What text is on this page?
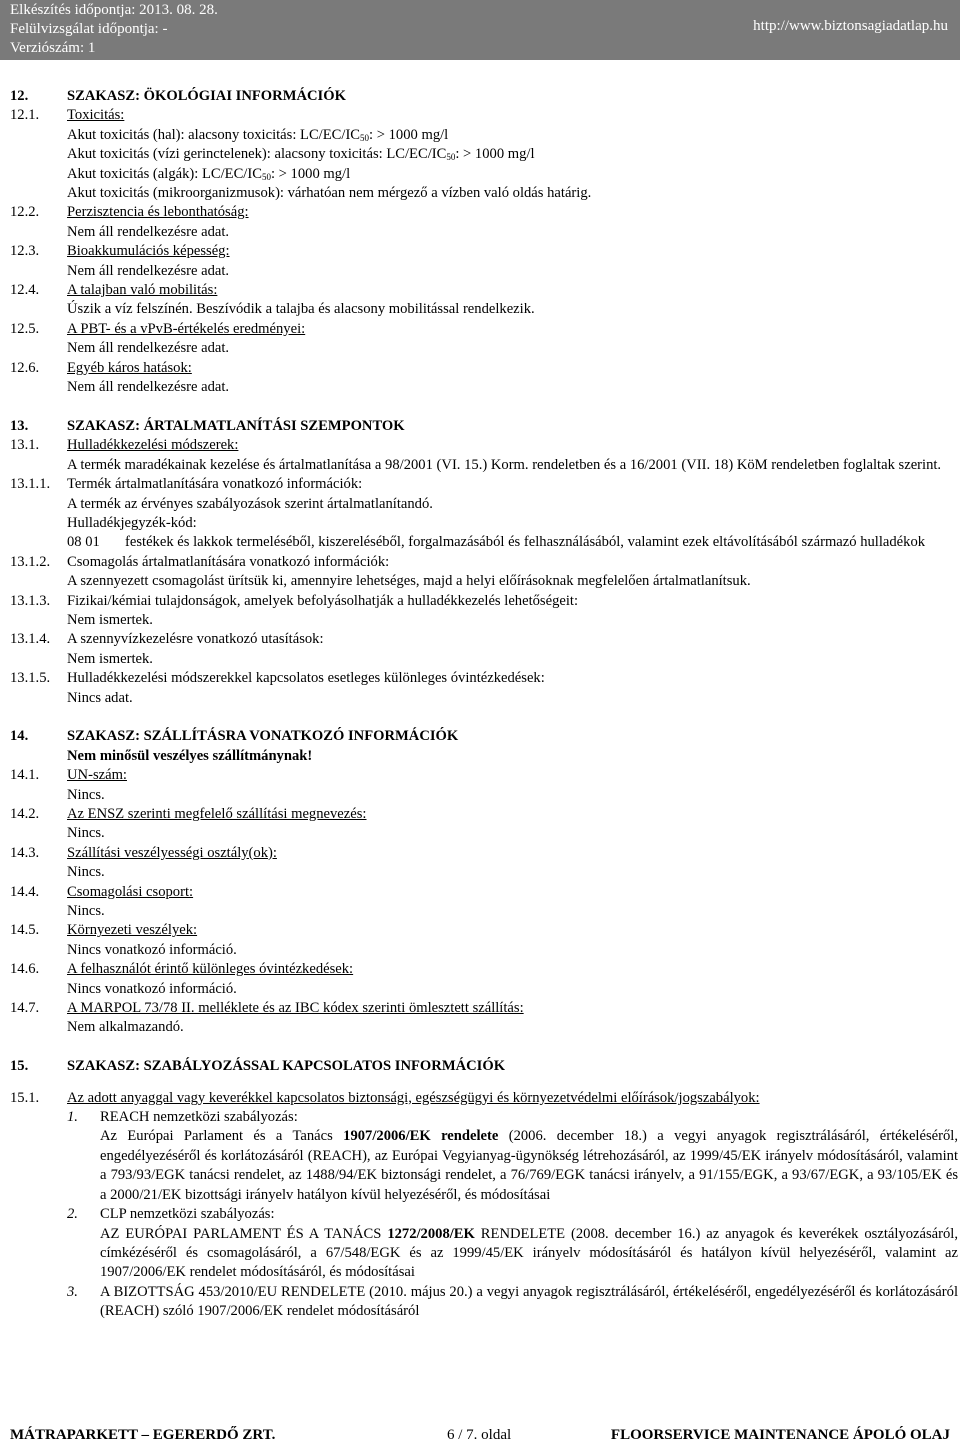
Elkészítés időpontja: 2013. 08. 28.
Felülvizsgálat időpontja: -
Verziószám: 1
http://www.biztonsagiadatlap.hu
12.	SZAKASZ: ÖKOLÓGIAI INFORMÁCIÓK
12.1.	Toxicitás:
Akut toxicitás (hal): alacsony toxicitás: $LC/EC/IC_{50}$: > 1000 mg/l
Akut toxicitás (vízi gerinctelenek): alacsony toxicitás: $LC/EC/IC_{50}$: > 1000 mg/l
Akut toxicitás (algák): $LC/EC/IC_{50}$: > 1000 mg/l
Akut toxicitás (mikroorganizmusok): várhatóan nem mérgező a vízben való oldás határig.
12.2.	Perzisztencia és lebonthatóság:
Nem áll rendelkezésre adat.
12.3.	Bioakkumulációs képesség:
Nem áll rendelkezésre adat.
12.4.	A talajban való mobilitás:
Úszik a víz felszínén. Beszívódik a talajba és alacsony mobilitással rendelkezik.
12.5.	A PBT- és a vPvB-értékelés eredményei:
Nem áll rendelkezésre adat.
12.6.	Egyéb káros hatások:
Nem áll rendelkezésre adat.
13.	SZAKASZ: ÁRTALMATLANÍTÁSI SZEMPONTOK
13.1.	Hulladékkezelési módszerek:
A termék maradékainak kezelése és ártalmatlanítása a 98/2001 (VI. 15.) Korm. rendeletben és a 16/2001 (VII. 18) KöM rendeletben foglaltak szerint.
13.1.1.	Termék ártalmatlanítására vonatkozó információk:
A termék az érvényes szabályozások szerint ártalmatlanítandó.
Hulladékjegyzék-kód:
08 01 festékek és lakkok termeléséből, kiszereléséből, forgalmazásából és felhasználásából, valamint ezek eltávolításából származó hulladékok
13.1.2.	Csomagolás ártalmatlanítására vonatkozó információk:
A szennyezett csomagolást ürítsük ki, amennyire lehetséges, majd a helyi előírásoknak megfelelően ártalmatlanítsuk.
13.1.3.	Fizikai/kémiai tulajdonságok, amelyek befolyásolhatják a hulladékkezelés lehetőségeit:
Nem ismertek.
13.1.4.	A szennyvízkezelésre vonatkozó utasítások:
Nem ismertek.
13.1.5.	Hulladékkezelési módszerekkel kapcsolatos esetleges különleges óvintézkedések:
Nincs adat.
14.	SZAKASZ: SZÁLLÍTÁSRA VONATKOZÓ INFORMÁCIÓK
Nem minősül veszélyes szállítmánynak!
14.1.	UN-szám:
Nincs.
14.2.	Az ENSZ szerinti megfelelő szállítási megnevezés:
Nincs.
14.3.	Szállítási veszélyességi osztály(ok):
Nincs.
14.4.	Csomagolási csoport:
Nincs.
14.5.	Környezeti veszélyek:
Nincs vonatkozó információ.
14.6.	A felhasználót érintő különleges óvintézkedések:
Nincs vonatkozó információ.
14.7.	A MARPOL 73/78 II. melléklete és az IBC kódex szerinti ömlesztett szállítás:
Nem alkalmazandó.
15.	SZAKASZ: SZABÁLYOZÁSSAL KAPCSOLATOS INFORMÁCIÓK
15.1.	Az adott anyaggal vagy keverékkel kapcsolatos biztonsági, egészségügyi és környezetvédelmi előírások/jogszabályok:
1.	REACH nemzetközi szabályozás:
Az Európai Parlament és a Tanács 1907/2006/EK rendelete (2006. december 18.) a vegyi anyagok regisztrálásáról, értékeléséről, engedélyezéséről és korlátozásáról (REACH), az Európai Vegyianyag-ügynökség létrehozásáról, az 1999/45/EK irányelv módosításáról, valamint a 793/93/EGK tanácsi rendelet, az 1488/94/EK biztonsági rendelet, a 76/769/EGK tanácsi irányelv, a 91/155/EGK, a 93/67/EGK, a 93/105/EK és a 2000/21/EK bizottsági irányelv hatályon kívül helyezéséről, és módosításai
2.	CLP nemzetközi szabályozás:
AZ EURÓPAI PARLAMENT ÉS A TANÁCS 1272/2008/EK RENDELETE (2008. december 16.) az anyagok és keverékek osztályozásáról, címkézéséről és csomagolásáról, a 67/548/EGK és az 1999/45/EK irányelv módosításáról és hatályon kívül helyezéséről, valamint az 1907/2006/EK rendelet módosításáról, és módosításai
3.	A BIZOTTSÁG 453/2010/EU RENDELETE (2010. május 20.) a vegyi anyagok regisztrálásáról, értékeléséről, engedélyezéséről és korlátozásáról (REACH) szóló 1907/2006/EK rendelet módosításáról
MÁTRAPARKETT – EGERERDŐ ZRT.	6 / 7. oldal	FLOORSERVICE MAINTENANCE ÁPOLÓ OLAJ
